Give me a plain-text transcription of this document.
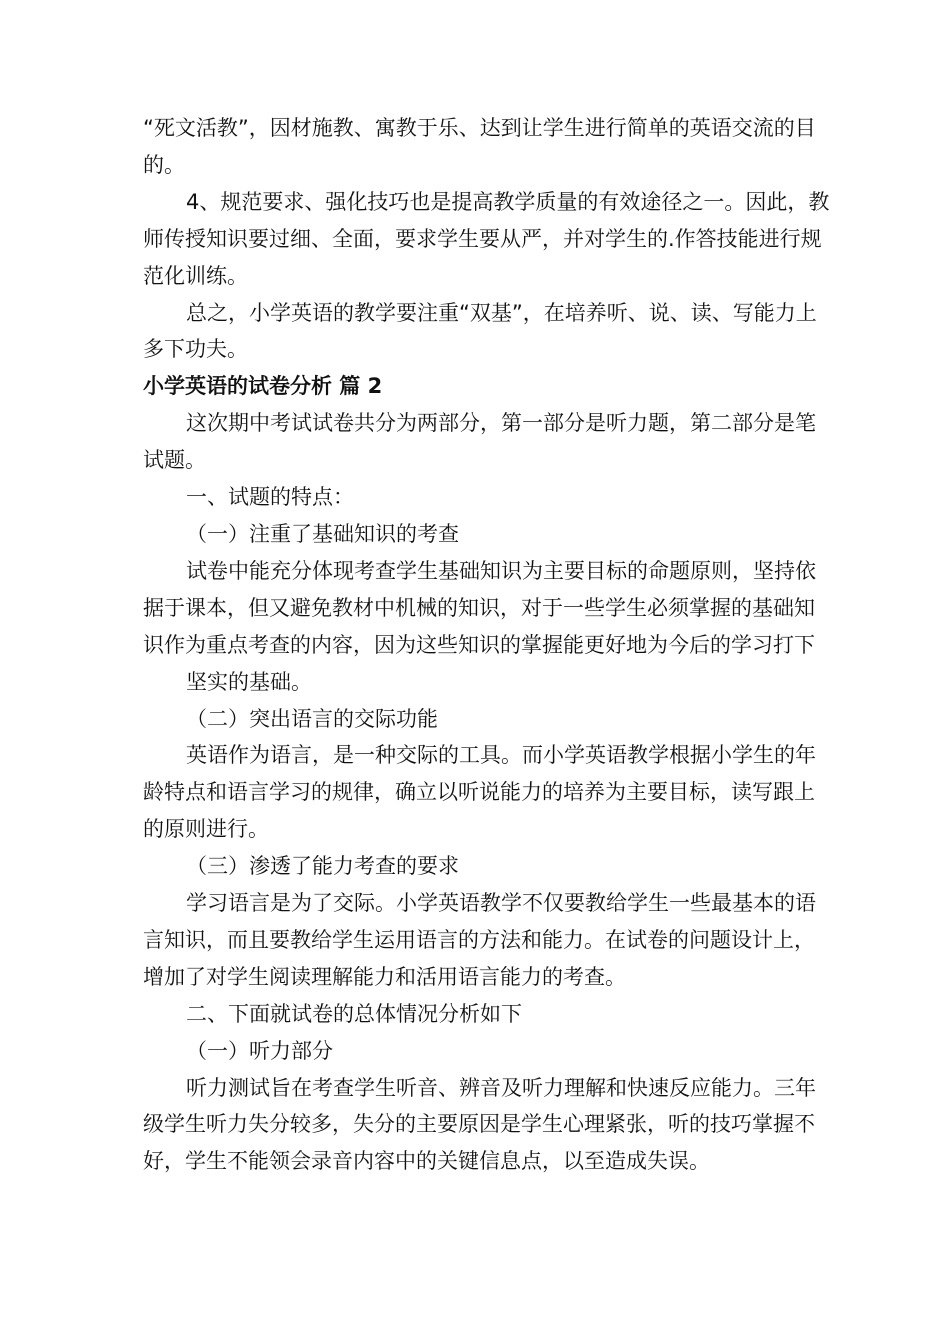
“死文活教”，因材施教、寓教于乐、达到让学生进行简单的英语交流的目的。

4、规范要求、强化技巧也是提高教学质量的有效途径之一。因此，教师传授知识要过细、全面，要求学生要从严，并对学生的.作答技能进行规范化训练。

总之，小学英语的教学要注重“双基”，在培养听、说、读、写能力上多下功夫。

小学英语的试卷分析 篇 2

这次期中考试试卷共分为两部分，第一部分是听力题，第二部分是笔试题。

一、试题的特点：

（一）注重了基础知识的考查

试卷中能充分体现考查学生基础知识为主要目标的命题原则，坚持依据于课本，但又避免教材中机械的知识，对于一些学生必须掌握的基础知识作为重点考查的内容，因为这些知识的掌握能更好地为今后的学习打下

坚实的基础。

（二）突出语言的交际功能

英语作为语言，是一种交际的工具。而小学英语教学根据小学生的年龄特点和语言学习的规律，确立以听说能力的培养为主要目标，读写跟上的原则进行。

（三）渗透了能力考查的要求

学习语言是为了交际。小学英语教学不仅要教给学生一些最基本的语言知识，而且要教给学生运用语言的方法和能力。在试卷的问题设计上，增加了对学生阅读理解能力和活用语言能力的考查。

二、下面就试卷的总体情况分析如下

（一）听力部分

听力测试旨在考查学生听音、辨音及听力理解和快速反应能力。三年级学生听力失分较多，失分的主要原因是学生心理紧张，听的技巧掌握不好，学生不能领会录音内容中的关键信息点，以至造成失误。
